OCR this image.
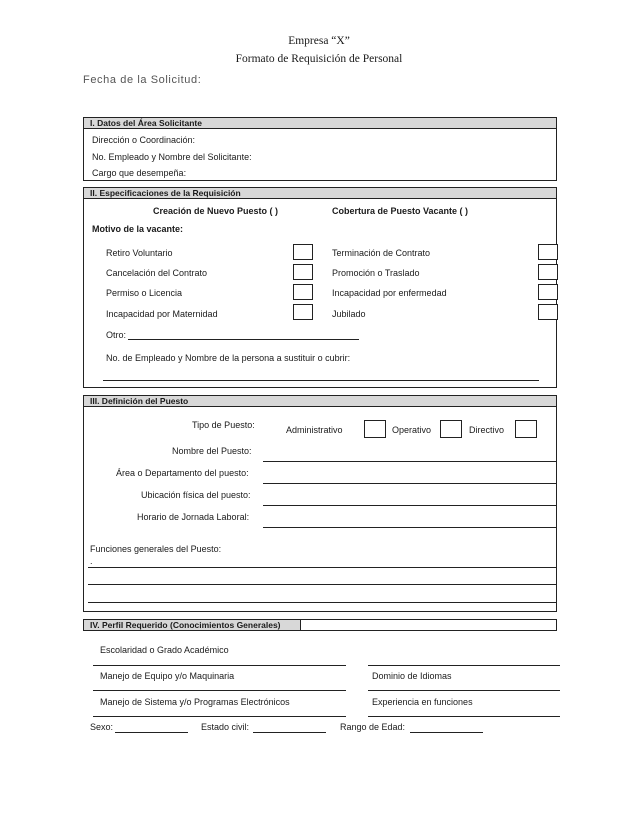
Empresa “X”
Formato de Requisición de Personal
Fecha de la Solicitud:
I. Datos del Área Solicitante
Dirección o Coordinación:
No. Empleado y Nombre del Solicitante:
Cargo que desempeña:
II. Especificaciones de la Requisición
Creación de Nuevo Puesto ( )	Cobertura de Puesto Vacante ( )
Motivo de la vacante:
Retiro Voluntario	Terminación de Contrato
Cancelación del Contrato	Promoción o Traslado
Permiso o Licencia	Incapacidad por enfermedad
Incapacidad por Maternidad	Jubilado
Otro:
No. de Empleado y Nombre de la persona a sustituir o cubrir:
III. Definición del Puesto
Tipo de Puesto:	Administrativo	Operativo	Directivo
Nombre del Puesto:
Área o Departamento del puesto:
Ubicación física del puesto:
Horario de Jornada Laboral:
Funciones generales del Puesto:
.
IV. Perfil Requerido (Conocimientos Generales)
Escolaridad o Grado Académico
Manejo de Equipo y/o Maquinaria	Dominio de Idiomas
Manejo de Sistema y/o Programas Electrónicos	Experiencia en funciones
Sexo:	Estado civil:	Rango de Edad:
